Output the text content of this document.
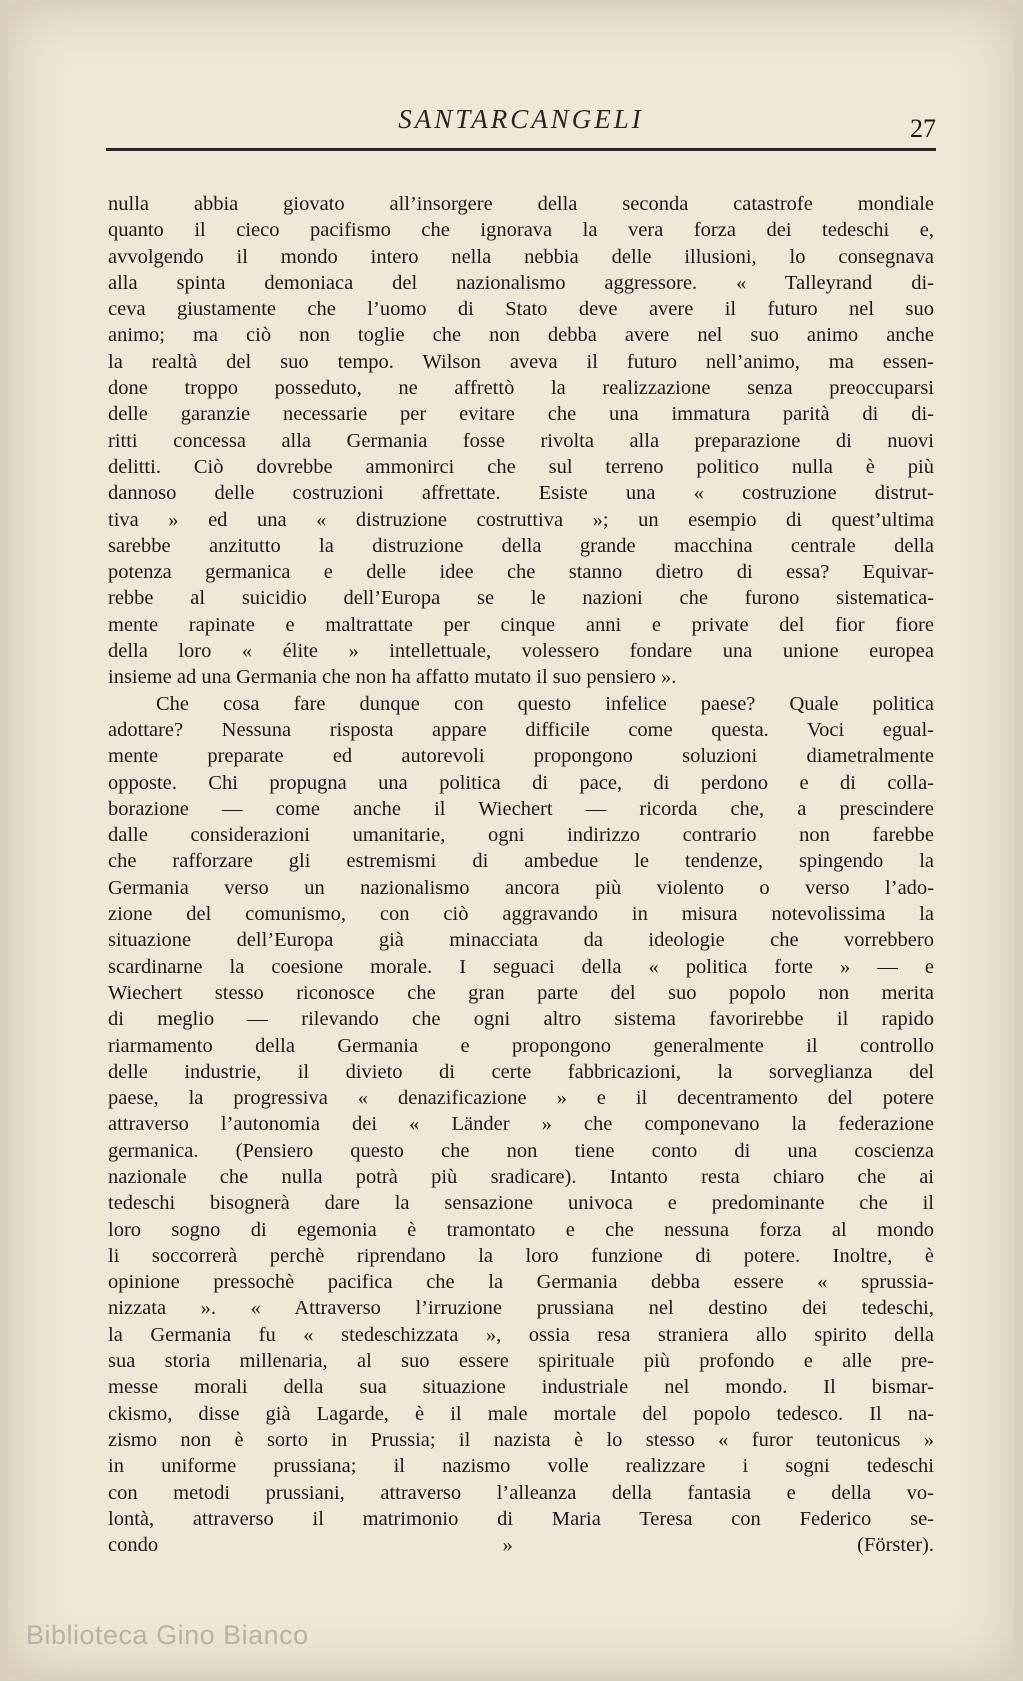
SANTARCANGELI	27
nulla abbia giovato all’insorgere della seconda catastrofe mondiale
quanto il cieco pacifismo che ignorava la vera forza dei tedeschi e,
avvolgendo il mondo intero nella nebbia delle illusioni, lo consegnava
alla spinta demoniaca del nazionalismo aggressore. « Talleyrand di-
ceva giustamente che l’uomo di Stato deve avere il futuro nel suo
animo; ma ciò non toglie che non debba avere nel suo animo anche
la realtà del suo tempo. Wilson aveva il futuro nell’animo, ma essen-
done troppo posseduto, ne affrettò la realizzazione senza preoccuparsi
delle garanzie necessarie per evitare che una immatura parità di di-
ritti concessa alla Germania fosse rivolta alla preparazione di nuovi
delitti. Ciò dovrebbe ammonirci che sul terreno politico nulla è più
dannoso delle costruzioni affrettate. Esiste una « costruzione distrut-
tiva » ed una « distruzione costruttiva »; un esempio di quest’ultima
sarebbe anzitutto la distruzione della grande macchina centrale della
potenza germanica e delle idee che stanno dietro di essa? Equivar-
rebbe al suicidio dell’Europa se le nazioni che furono sistematica-
mente rapinate e maltrattate per cinque anni e private del fior fiore
della loro « élite » intellettuale, volessero fondare una unione europea
insieme ad una Germania che non ha affatto mutato il suo pensiero ».
Che cosa fare dunque con questo infelice paese? Quale politica
adottare? Nessuna risposta appare difficile come questa. Voci egual-
mente preparate ed autorevoli propongono soluzioni diametralmente
opposte. Chi propugna una politica di pace, di perdono e di colla-
borazione — come anche il Wiechert — ricorda che, a prescindere
dalle considerazioni umanitarie, ogni indirizzo contrario non farebbe
che rafforzare gli estremismi di ambedue le tendenze, spingendo la
Germania verso un nazionalismo ancora più violento o verso l’ado-
zione del comunismo, con ciò aggravando in misura notevolissima la
situazione dell’Europa già minacciata da ideologie che vorrebbero
scardinarne la coesione morale. I seguaci della « politica forte » — e
Wiechert stesso riconosce che gran parte del suo popolo non merita
di meglio — rilevando che ogni altro sistema favorirebbe il rapido
riarmamento della Germania e propongono generalmente il controllo
delle industrie, il divieto di certe fabbricazioni, la sorveglianza del
paese, la progressiva « denazificazione » e il decentramento del potere
attraverso l’autonomia dei « Länder » che componevano la federazione
germanica. (Pensiero questo che non tiene conto di una coscienza
nazionale che nulla potrà più sradicare). Intanto resta chiaro che ai
tedeschi bisognerà dare la sensazione univoca e predominante che il
loro sogno di egemonia è tramontato e che nessuna forza al mondo
li soccorrerà perchè riprendano la loro funzione di potere. Inoltre, è
opinione pressochè pacifica che la Germania debba essere « sprussia-
nizzata ». « Attraverso l’irruzione prussiana nel destino dei tedeschi,
la Germania fu « stedeschizzata », ossia resa straniera allo spirito della
sua storia millenaria, al suo essere spirituale più profondo e alle pre-
messe morali della sua situazione industriale nel mondo. Il bismar-
ckismo, disse già Lagarde, è il male mortale del popolo tedesco. Il na-
zismo non è sorto in Prussia; il nazista è lo stesso « furor teutonicus »
in uniforme prussiana; il nazismo volle realizzare i sogni tedeschi
con metodi prussiani, attraverso l’alleanza della fantasia e della vo-
lontà, attraverso il matrimonio di Maria Teresa con Federico se-
condo » (Förster).
Biblioteca Gino Bianco
